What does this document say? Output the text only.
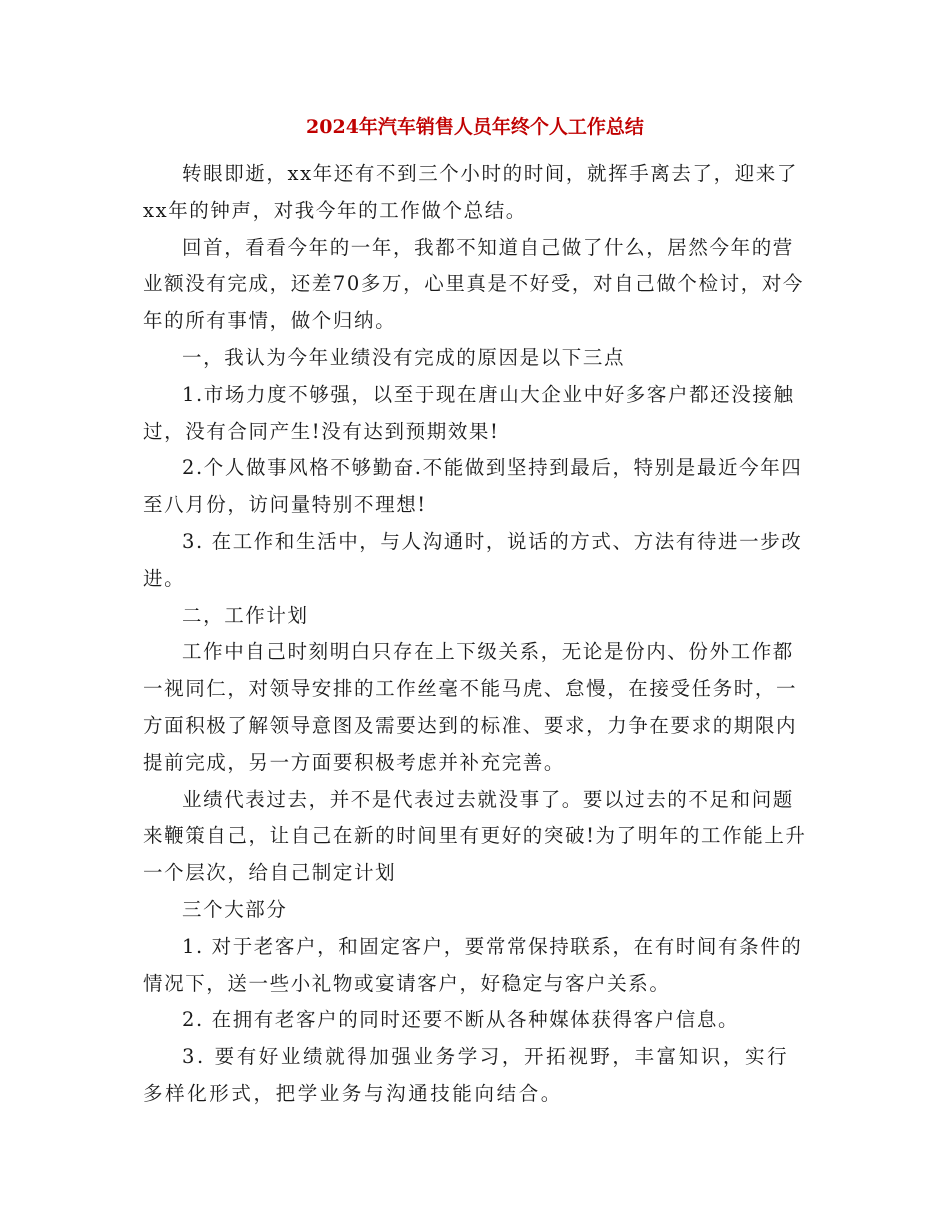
2024年汽车销售人员年终个人工作总结

转眼即逝，xx年还有不到三个小时的时间，就挥手离去了，迎来了xx年的钟声，对我今年的工作做个总结。

回首，看看今年的一年，我都不知道自己做了什么，居然今年的营业额没有完成，还差70多万，心里真是不好受，对自己做个检讨，对今年的所有事情，做个归纳。

一，我认为今年业绩没有完成的原因是以下三点

1.市场力度不够强，以至于现在唐山大企业中好多客户都还没接触过，没有合同产生!没有达到预期效果!

2.个人做事风格不够勤奋.不能做到坚持到最后，特别是最近今年四至八月份，访问量特别不理想!

3. 在工作和生活中，与人沟通时，说话的方式、方法有待进一步改进。

二，工作计划

工作中自己时刻明白只存在上下级关系，无论是份内、份外工作都一视同仁，对领导安排的工作丝毫不能马虎、怠慢，在接受任务时，一方面积极了解领导意图及需要达到的标准、要求，力争在要求的期限内提前完成，另一方面要积极考虑并补充完善。

业绩代表过去，并不是代表过去就没事了。要以过去的不足和问题来鞭策自己，让自己在新的时间里有更好的突破!为了明年的工作能上升一个层次，给自己制定计划

三个大部分

1. 对于老客户，和固定客户，要常常保持联系，在有时间有条件的情况下，送一些小礼物或宴请客户，好稳定与客户关系。

2. 在拥有老客户的同时还要不断从各种媒体获得客户信息。

3. 要有好业绩就得加强业务学习，开拓视野，丰富知识，实行多样化形式，把学业务与沟通技能向结合。
